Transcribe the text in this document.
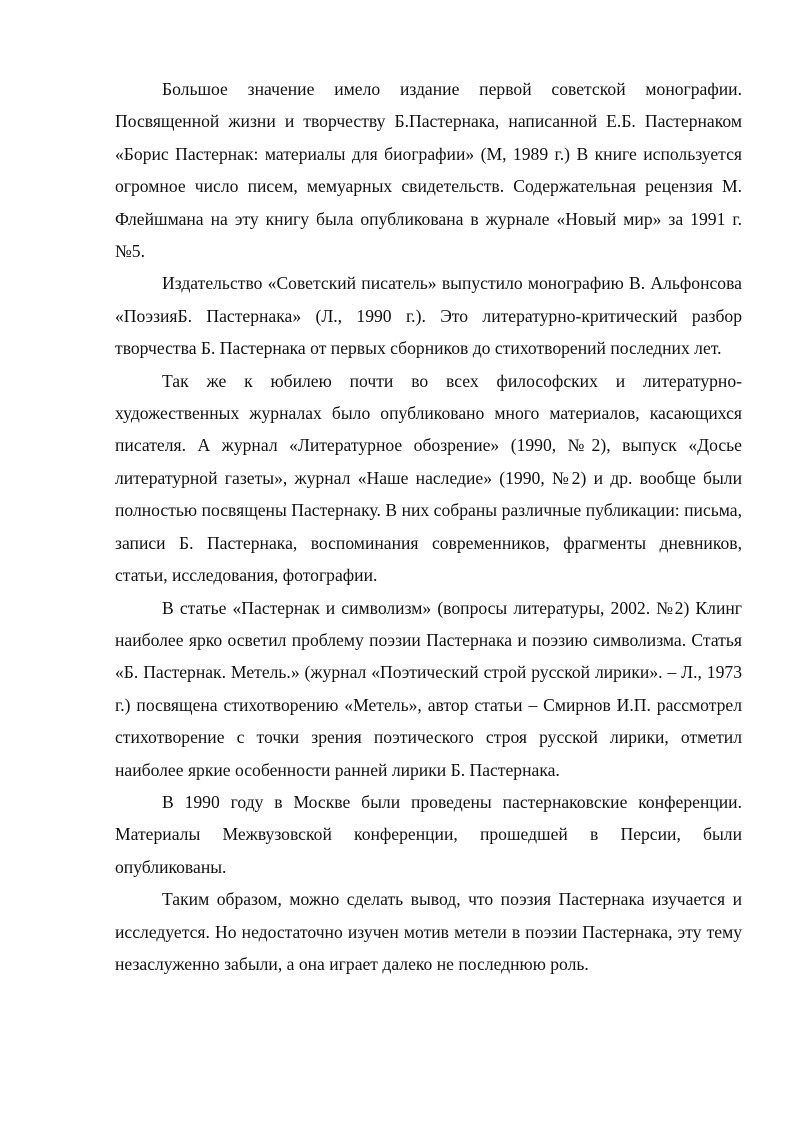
Большое значение имело издание первой советской монографии. Посвященной жизни и творчеству Б.Пастернака, написанной Е.Б. Пастернаком «Борис Пастернак: материалы для биографии» (М, 1989 г.) В книге используется огромное число писем, мемуарных свидетельств. Содержательная рецензия М. Флейшмана на эту книгу была опубликована в журнале «Новый мир» за 1991 г. №5.

Издательство «Советский писатель» выпустило монографию В. Альфонсова «ПоэзияБ. Пастернака» (Л., 1990 г.). Это литературно-критический разбор творчества Б. Пастернака от первых сборников до стихотворений последних лет.

Так же к юбилею почти во всех философских и литературно-художественных журналах было опубликовано много материалов, касающихся писателя. А журнал «Литературное обозрение» (1990, №2), выпуск «Досье литературной газеты», журнал «Наше наследие» (1990, №2) и др. вообще были полностью посвящены Пастернаку. В них собраны различные публикации: письма, записи Б. Пастернака, воспоминания современников, фрагменты дневников, статьи, исследования, фотографии.

В статье «Пастернак и символизм» (вопросы литературы, 2002. №2) Клинг наиболее ярко осветил проблему поэзии Пастернака и поэзию символизма. Статья «Б. Пастернак. Метель.» (журнал «Поэтический строй русской лирики». – Л., 1973 г.) посвящена стихотворению «Метель», автор статьи – Смирнов И.П. рассмотрел стихотворение с точки зрения поэтического строя русской лирики, отметил наиболее яркие особенности ранней лирики Б. Пастернака.

В 1990 году в Москве были проведены пастернаковские конференции. Материалы Межвузовской конференции, прошедшей в Персии, были опубликованы.

Таким образом, можно сделать вывод, что поэзия Пастернака изучается и исследуется. Но недостаточно изучен мотив метели в поэзии Пастернака, эту тему незаслуженно забыли, а она играет далеко не последнюю роль.
